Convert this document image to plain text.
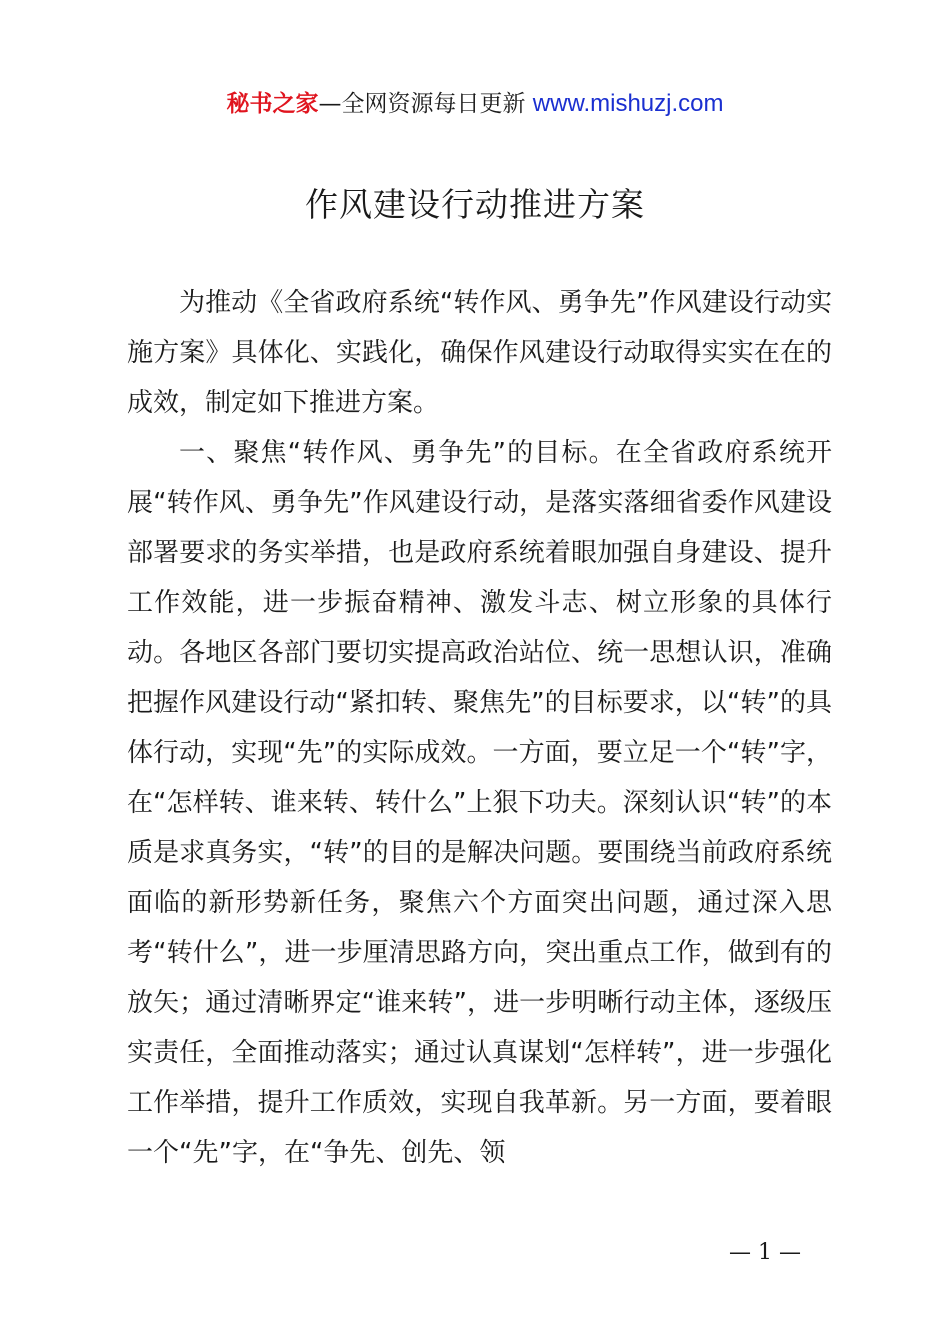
秘书之家—全网资源每日更新 www.mishuzj.com
作风建设行动推进方案

为推动《全省政府系统“转作风、勇争先”作风建设行动实施方案》具体化、实践化，确保作风建设行动取得实实在在的成效，制定如下推进方案。

一、聚焦“转作风、勇争先”的目标。在全省政府系统开展“转作风、勇争先”作风建设行动，是落实落细省委作风建设部署要求的务实举措，也是政府系统着眼加强自身建设、提升工作效能，进一步振奋精神、激发斗志、树立形象的具体行动。各地区各部门要切实提高政治站位、统一思想认识，准确把握作风建设行动“紧扣转、聚焦先”的目标要求，以“转”的具体行动，实现“先”的实际成效。一方面，要立足一个“转”字，在“怎样转、谁来转、转什么”上狠下功夫。深刻认识“转”的本质是求真务实，“转”的目的是解决问题。要围绕当前政府系统面临的新形势新任务，聚焦六个方面突出问题，通过深入思考“转什么”，进一步厘清思路方向，突出重点工作，做到有的放矢；通过清晰界定“谁来转”，进一步明晰行动主体，逐级压实责任，全面推动落实；通过认真谋划“怎样转”，进一步强化工作举措，提升工作质效，实现自我革新。另一方面，要着眼一个“先”字，在“争先、创先、领

— 1 —
